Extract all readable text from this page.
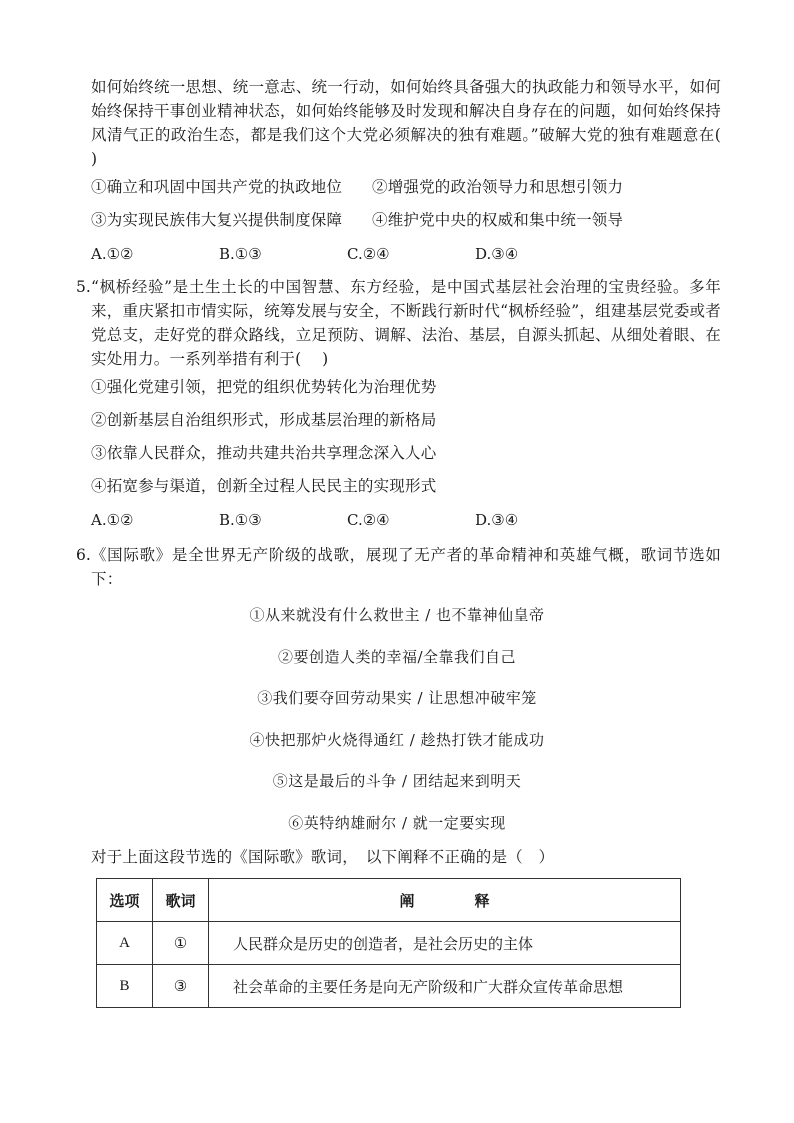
如何始终统一思想、统一意志、统一行动，如何始终具备强大的执政能力和领导水平，如何始终保持干事创业精神状态，如何始终能够及时发现和解决自身存在的问题，如何始终保持风清气正的政治生态，都是我们这个大党必须解决的独有难题。”破解大党的独有难题意在(　 )
①确立和巩固中国共产党的执政地位 ②增强党的政治领导力和思想引领力
③为实现民族伟大复兴提供制度保障 ④维护党中央的权威和集中统一领导
A.①②	B.①③	C.②④	D.③④
5. “枫桥经验”是土生土长的中国智慧、东方经验，是中国式基层社会治理的宝贵经验。多年来，重庆紧扣市情实际，统筹发展与安全，不断践行新时代“枫桥经验”，组建基层党委或者党总支，走好党的群众路线，立足预防、调解、法治、基层，自源头抓起、从细处着眼、在实处用力。一系列举措有利于(　 )
①强化党建引领，把党的组织优势转化为治理优势
②创新基层自治组织形式，形成基层治理的新格局
③依靠人民群众，推动共建共治共享理念深入人心
④拓宽参与渠道，创新全过程人民民主的实现形式
A.①②	B.①③	C.②④	D.③④
6. 《国际歌》是全世界无产阶级的战歌，展现了无产者的革命精神和英雄气概，歌词节选如下：
①从来就没有什么救世主 / 也不靠神仙皇帝
②要创造人类的幸福/全靠我们自己
③我们要夺回劳动果实 / 让思想冲破牢笼
④快把那炉火烧得通红 / 趁热打铁才能成功
⑤这是最后的斗争 / 团结起来到明天
⑥英特纳雄耐尔 / 就一定要实现
对于上面这段节选的《国际歌》歌词，　以下阐释不正确的是（　）
选项	歌词	阐　　　　释
A	①	人民群众是历史的创造者，是社会历史的主体
B	③	社会革命的主要任务是向无产阶级和广大群众宣传革命思想
